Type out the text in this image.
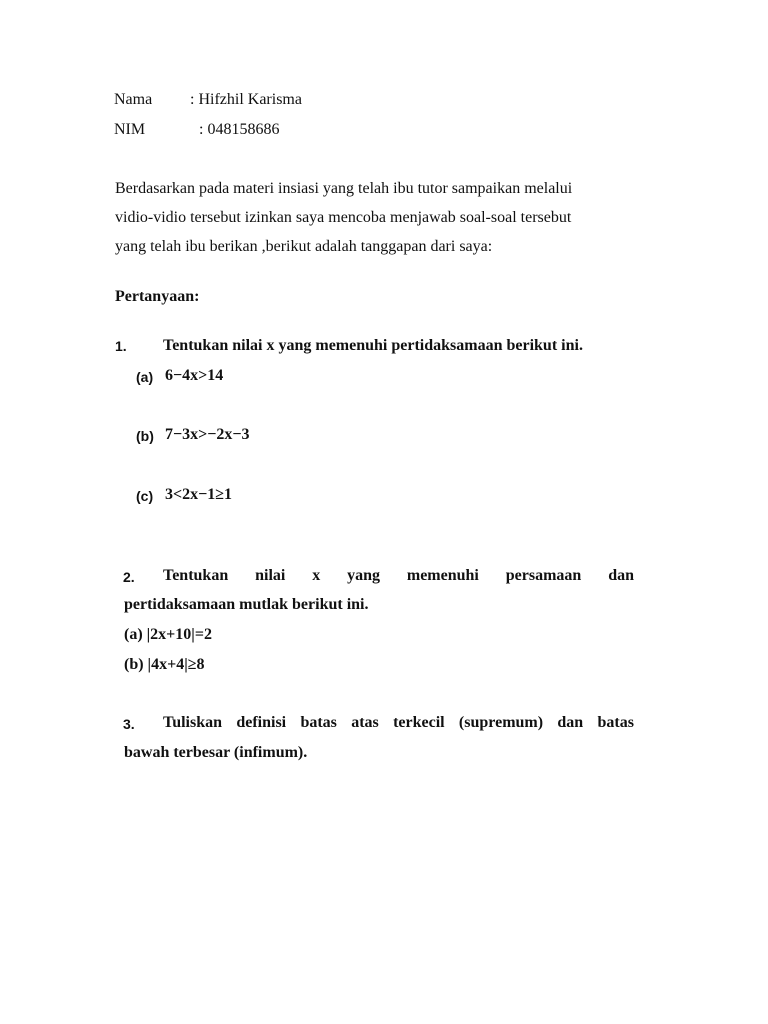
Nama : Hifzhil Karisma
NIM	: 048158686
Berdasarkan pada materi insiasi yang telah ibu tutor sampaikan melalui
vidio-vidio tersebut izinkan saya mencoba menjawab soal-soal tersebut
yang telah ibu berikan ,berikut adalah tanggapan dari saya:
Pertanyaan:
1. Tentukan nilai x yang memenuhi pertidaksamaan berikut ini.
(a) 6−4x>14
(b) 7−3x>−2x−3
(c) 3<2x−1≥1
2. Tentukan nilai x yang memenuhi persamaan dan
pertidaksamaan mutlak berikut ini.
(a) |2x+10|=2
(b) |4x+4|≥8
3. Tuliskan definisi batas atas terkecil (supremum) dan batas
bawah terbesar (infimum).
